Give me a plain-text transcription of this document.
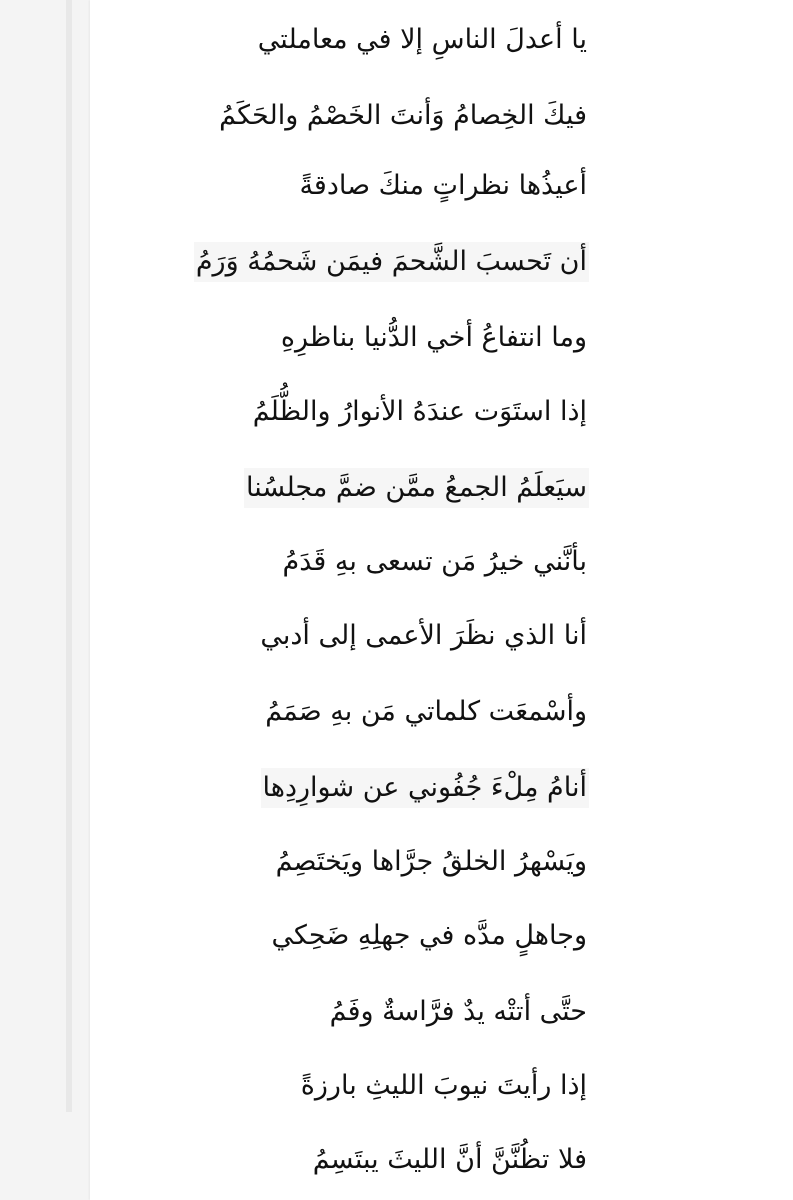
يا أعدلَ الناسِ إلا في معاملتي
فيكَ الخِصامُ وَأنتَ الخَصْمُ والحَكَمُ
أعيذُها نظراتٍ منكَ صادقةً
أن تَحسبَ الشَّحمَ فيمَن شَحمُهُ وَرَمُ
وما انتفاعُ أخي الدُّنيا بناظرِهِ
إذا استَوَت عندَهُ الأنوارُ والظُّلَمُ
سيَعلَمُ الجمعُ ممَّن ضمَّ مجلسُنا
بأنَّني خيرُ مَن تسعى بهِ قَدَمُ
أنا الذي نظَرَ الأعمى إلى أدبي
وأسْمعَت كلماتي مَن بهِ صَمَمُ
أنامُ مِلْءَ جُفُوني عن شوارِدِها
ويَسْهرُ الخلقُ جرَّاها ويَختَصِمُ
وجاهلٍ مدَّه في جهلِهِ ضَحِكي
حتَّى أتتْه يدٌ فرَّاسةٌ وفَمُ
إذا رأيتَ نيوبَ الليثِ بارزةً
فلا تظُنَّنَّ أنَّ الليثَ يبتَسِمُ
